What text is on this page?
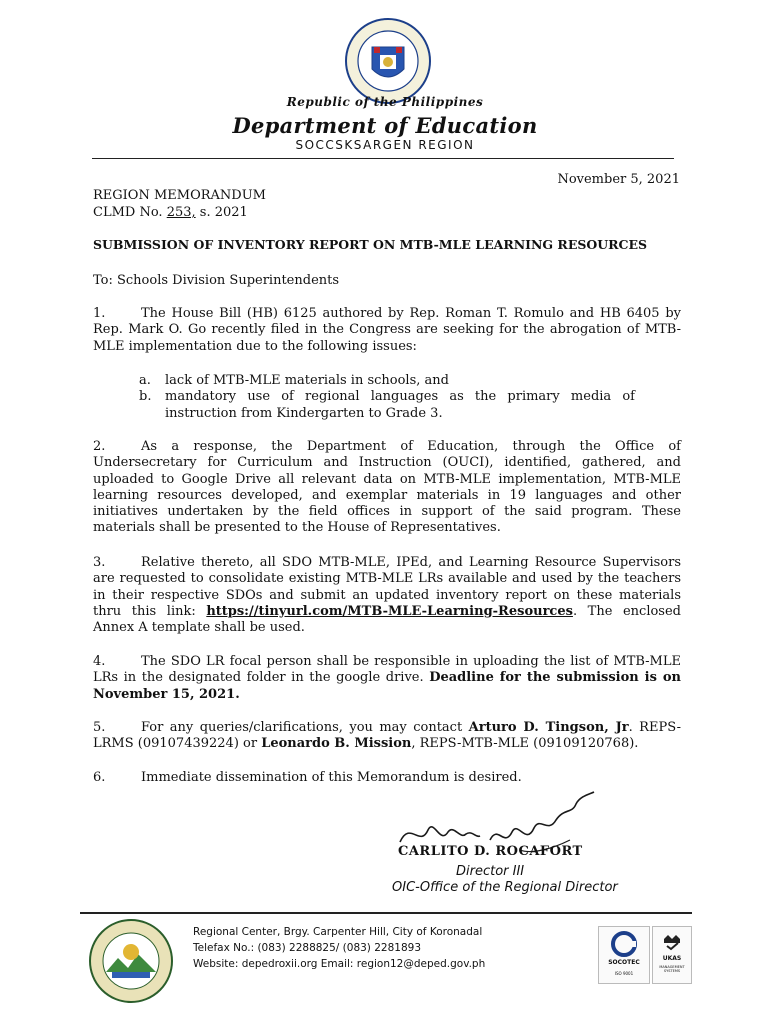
Republic of the Philippines
Department of Education
SOCCSKSARGEN REGION
November 5, 2021
REGION MEMORANDUM
CLMD No. 253, s. 2021
SUBMISSION OF INVENTORY REPORT ON MTB-MLE LEARNING RESOURCES
To: Schools Division Superintendents
1.	The House Bill (HB) 6125 authored by Rep. Roman T. Romulo and HB 6405 by Rep. Mark O. Go recently filed in the Congress are seeking for the abrogation of MTB-MLE implementation due to the following issues:
a.	lack of MTB-MLE materials in schools, and
b.	mandatory use of regional languages as the primary media of instruction from Kindergarten to Grade 3.
2.	As a response, the Department of Education, through the Office of Undersecretary for Curriculum and Instruction (OUCI), identified, gathered, and uploaded to Google Drive all relevant data on MTB-MLE implementation, MTB-MLE learning resources developed, and exemplar materials in 19 languages and other initiatives undertaken by the field offices in support of the said program. These materials shall be presented to the House of Representatives.
3.	Relative thereto, all SDO MTB-MLE, IPEd, and Learning Resource Supervisors are requested to consolidate existing MTB-MLE LRs available and used by the teachers in their respective SDOs and submit an updated inventory report on these materials thru this link: https://tinyurl.com/MTB-MLE-Learning-Resources. The enclosed Annex A template shall be used.
4.	The SDO LR focal person shall be responsible in uploading the list of MTB-MLE LRs in the designated folder in the google drive. Deadline for the submission is on November 15, 2021.
5.	For any queries/clarifications, you may contact Arturo D. Tingson, Jr. REPS-LRMS (09107439224) or Leonardo B. Mission, REPS-MTB-MLE (09109120768).
6.	Immediate dissemination of this Memorandum is desired.
CARLITO D. ROCAFORT
Director III
OIC-Office of the Regional Director
Regional Center, Brgy. Carpenter Hill, City of Koronadal
Telefax No.: (083) 2288825/ (083) 2281893
Website: depedroxii.org Email: region12@deped.gov.ph	SOCOTEC
ISO 9001
UKAS
MANAGEMENT SYSTEMS
